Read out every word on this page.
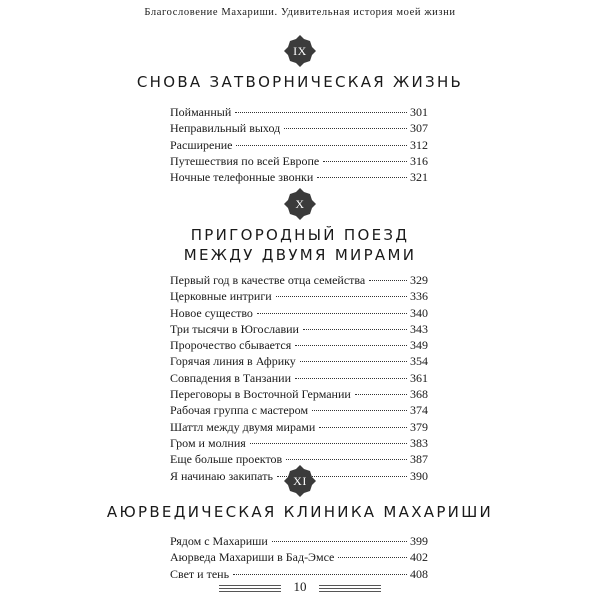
Благословение Махариши. Удивительная история моей жизни
IX
СНОВА ЗАТВОРНИЧЕСКАЯ ЖИЗНЬ
Пойманный	301
Неправильный выход	307
Расширение	312
Путешествия по всей Европе	316
Ночные телефонные звонки	321
X
ПРИГОРОДНЫЙ ПОЕЗД
МЕЖДУ ДВУМЯ МИРАМИ
Первый год в качестве отца семейства	329
Церковные интриги	336
Новое существо	340
Три тысячи в Югославии	343
Пророчество сбывается	349
Горячая линия в Африку	354
Совпадения в Танзании	361
Переговоры в Восточной Германии	368
Рабочая группа с мастером	374
Шаттл между двумя мирами	379
Гром и молния	383
Еще больше проектов	387
Я начинаю закипать	390
XI
АЮРВЕДИЧЕСКАЯ КЛИНИКА МАХАРИШИ
Рядом с Махариши	399
Аюрведа Махариши в Бад-Эмсе	402
Свет и тень	408
10
